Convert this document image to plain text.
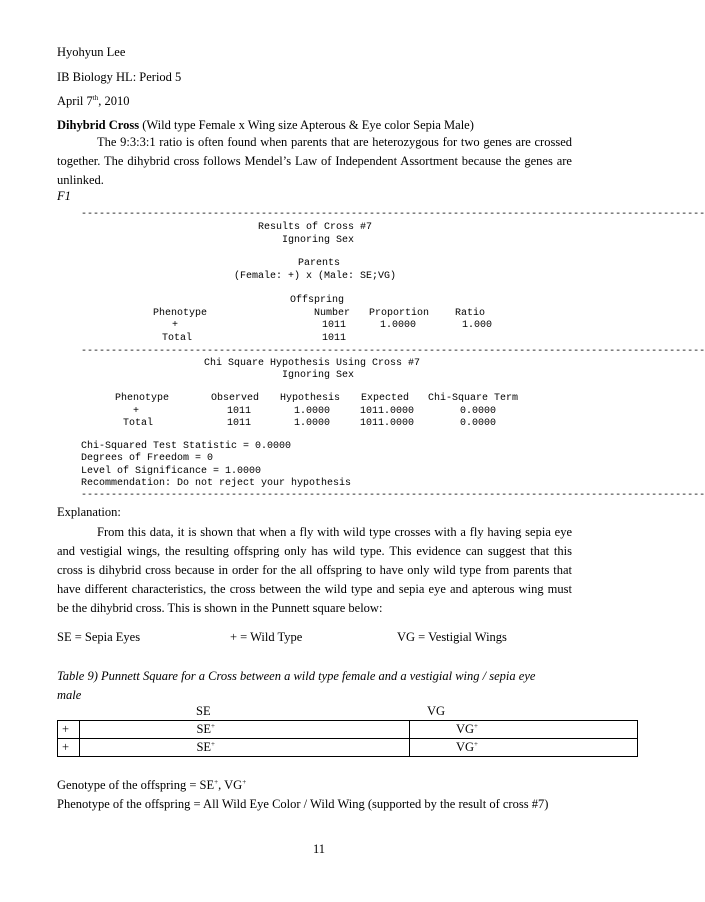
Hyohyun Lee
IB Biology HL: Period 5
April 7th, 2010
Dihybrid Cross (Wild type Female x Wing size Apterous & Eye color Sepia Male)
The 9:3:3:1 ratio is often found when parents that are heterozygous for two genes are crossed together. The dihybrid cross follows Mendel’s Law of Independent Assortment because the genes are unlinked.
F1
--------------------------------------------------------------------------------------------------------
Results of Cross #7
Ignoring Sex
Parents
(Female: +) x (Male: SE;VG)
Offspring
Phenotype	Number Proportion	Ratio
+	1011	1.0000	1.000
Total	1011
--------------------------------------------------------------------------------------------------------
Chi Square Hypothesis Using Cross #7
Ignoring Sex
Phenotype	Observed Hypothesis Expected Chi-Square Term
+	1011	1.0000	1011.0000	0.0000
Total	1011	1.0000	1011.0000	0.0000
Chi-Squared Test Statistic = 0.0000
Degrees of Freedom = 0
Level of Significance = 1.0000
Recommendation: Do not reject your hypothesis
--------------------------------------------------------------------------------------------------------
Explanation:
From this data, it is shown that when a fly with wild type crosses with a fly having sepia eye and vestigial wings, the resulting offspring only has wild type. This evidence can suggest that this cross is dihybrid cross because in order for the all offspring to have only wild type from parents that have different characteristics, the cross between the wild type and sepia eye and apterous wing must be the dihybrid cross. This is shown in the Punnett square below:
SE = Sepia Eyes	+ = Wild Type	VG = Vestigial Wings
Table 9) Punnett Square for a Cross between a wild type female and a vestigial wing / sepia eye male
SE	VG
+	SE+	VG+
+	SE+	VG+
Genotype of the offspring = SE+, VG+
Phenotype of the offspring = All Wild Eye Color / Wild Wing (supported by the result of cross #7)
11
